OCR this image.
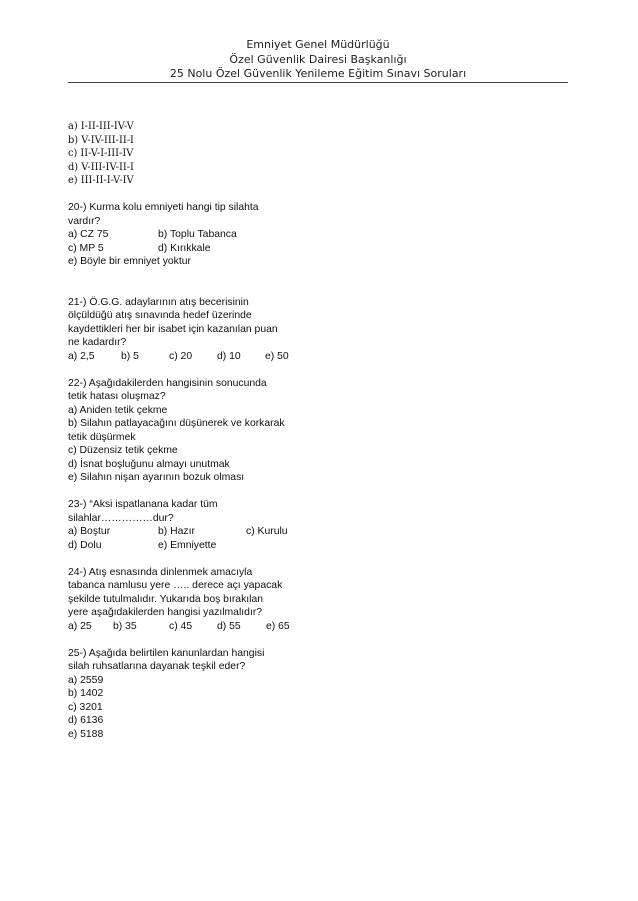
Emniyet Genel Müdürlüğü
Özel Güvenlik Dairesi Başkanlığı
25 Nolu Özel Güvenlik Yenileme Eğitim Sınavı Soruları

a) I-II-III-IV-V

b) V-IV-III-II-I

c) II-V-I-III-IV

d) V-III-IV-II-I

e) III-II-I-V-IV

20-) Kurma kolu emniyeti hangi tip silahta

vardır?

a) CZ 75	b) Toplu Tabanca

c) MP 5	d) Kırıkkale

e) Böyle bir emniyet yoktur

21-) Ö.G.G. adaylarının atış becerisinin

ölçüldüğü atış sınavında hedef üzerinde

kaydettikleri her bir isabet için kazanılan puan

ne kadardır?

a) 2,5	b) 5	c) 20 d) 10 e) 50

22-) Aşağıdakilerden hangisinin sonucunda

tetik hatası oluşmaz?

a) Aniden tetik çekme

b) Silahın patlayacağını düşünerek ve korkarak

tetik düşürmek

c) Düzensiz tetik çekme

d) İsnat boşluğunu almayı unutmak

e) Silahın nişan ayarının bozuk olması

23-) “Aksi ispatlanana kadar tüm

silahlar……………dur?

a) Boştur	b) Hazır	c) Kurulu

d) Dolu	e) Emniyette

24-) Atış esnasında dinlenmek amacıyla

tabanca namlusu yere ….. derece açı yapacak

şekilde tutulmalıdır. Yukarıda boş bırakılan

yere aşağıdakilerden hangisi yazılmalıdır?

a) 25 b) 35	c) 45 d) 55 e) 65

25-) Aşağıda belirtilen kanunlardan hangisi

silah ruhsatlarına dayanak teşkil eder?

a) 2559

b) 1402

c) 3201

d) 6136

e) 5188
